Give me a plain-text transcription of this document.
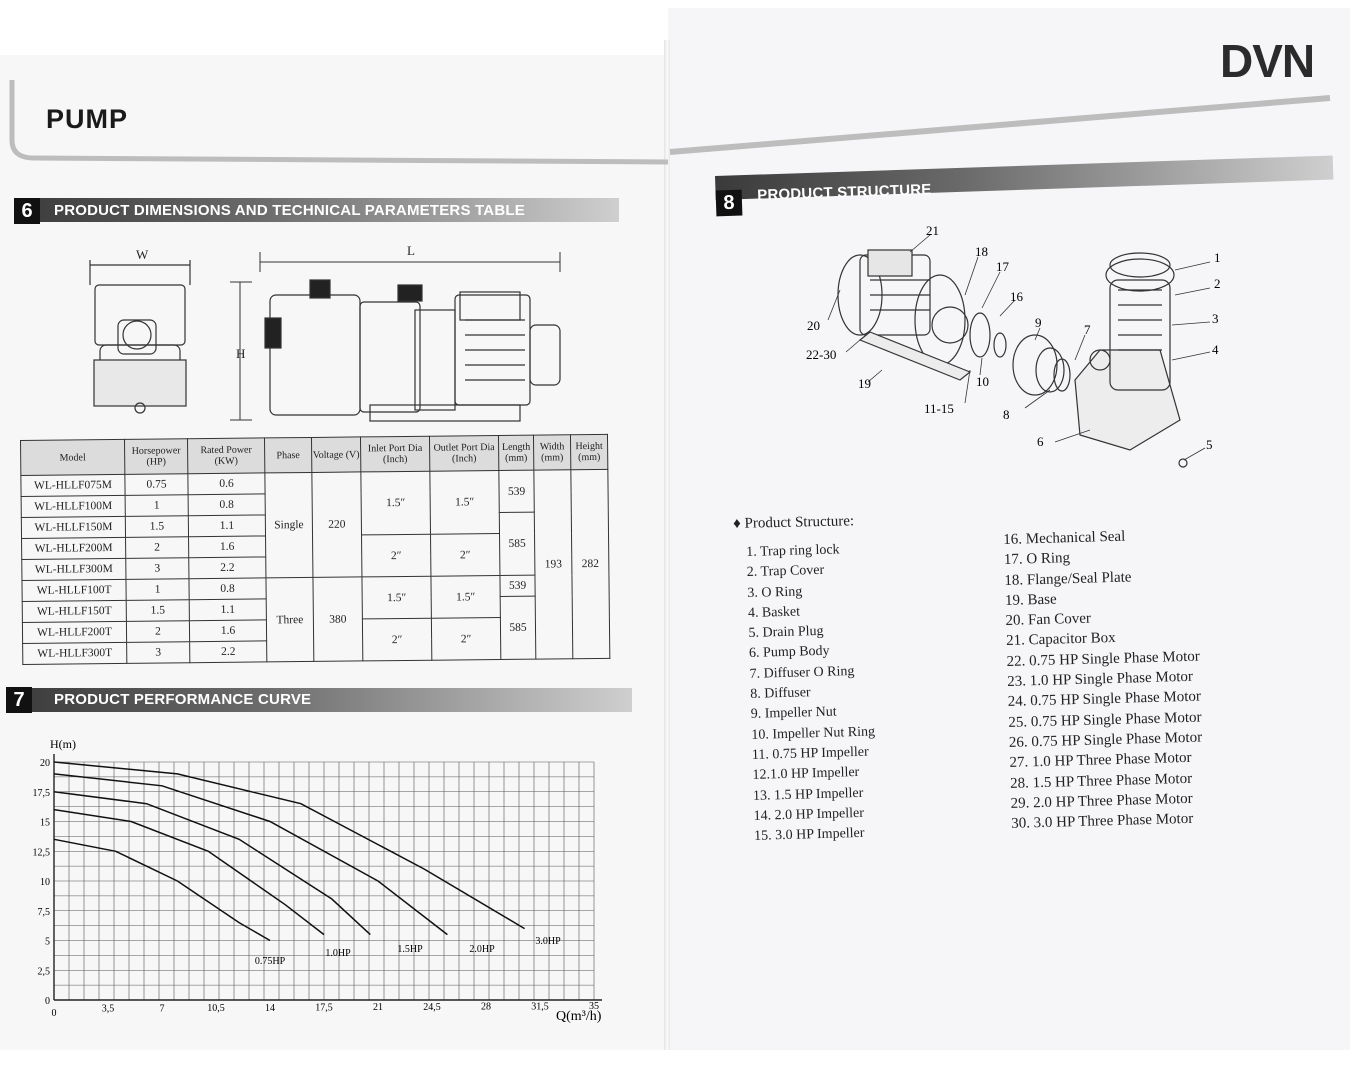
PUMP
DVN
6	PRODUCT DIMENSIONS AND TECHNICAL PARAMETERS TABLE
W	L
H
Model	Horsepower (HP)	Rated Power (KW)	Phase	Voltage (V)	Inlet Port Dia (Inch)	Outlet Port Dia (Inch)	Length (mm)	Width (mm)	Height (mm)
WL-HLLF075M	0.75	0.6	Single	220	1.5″	1.5″	539	193	282
WL-HLLF100M	1	0.8							
WL-HLLF150M	1.5	1.1					585		
WL-HLLF200M	2	1.6			2″	2″			
WL-HLLF300M	3	2.2							
WL-HLLF100T	1	0.8	Three	380	1.5″	1.5″	539		
WL-HLLF150T	1.5	1.1					585		
WL-HLLF200T	2	1.6			2″	2″			
WL-HLLF300T	3	2.2							
7	PRODUCT PERFORMANCE CURVE
H(m)
Q(m³/h)
0	3,5	7	10,5	14	17,5	21	24,5	28	31,5	35
0
2,5
5
7,5
10
12,5
15
17,5
20
0.75HP
1.0HP	1.5HP	2.0HP
3.0HP
8	PRODUCT STRUCTURE
1
2
3
4
5
6
7
8
9
10
11-15
16
17
18
19
20
21
22-30
♦ Product Structure:
1. Trap ring lock
2. Trap Cover
3. O Ring
4. Basket
5. Drain Plug
6. Pump Body
7. Diffuser O Ring
8. Diffuser
9. Impeller Nut
10. Impeller Nut Ring
11. 0.75 HP Impeller
12.1.0 HP Impeller
13. 1.5 HP Impeller
14. 2.0 HP Impeller
15. 3.0 HP Impeller
16. Mechanical Seal
17. O Ring
18. Flange/Seal Plate
19. Base
20. Fan Cover
21. Capacitor Box
22. 0.75 HP Single Phase Motor
23. 1.0 HP Single Phase Motor
24. 0.75 HP Single Phase Motor
25. 0.75 HP Single Phase Motor
26. 0.75 HP Single Phase Motor
27. 1.0 HP Three Phase Motor
28. 1.5 HP Three Phase Motor
29. 2.0 HP Three Phase Motor
30. 3.0 HP Three Phase Motor
